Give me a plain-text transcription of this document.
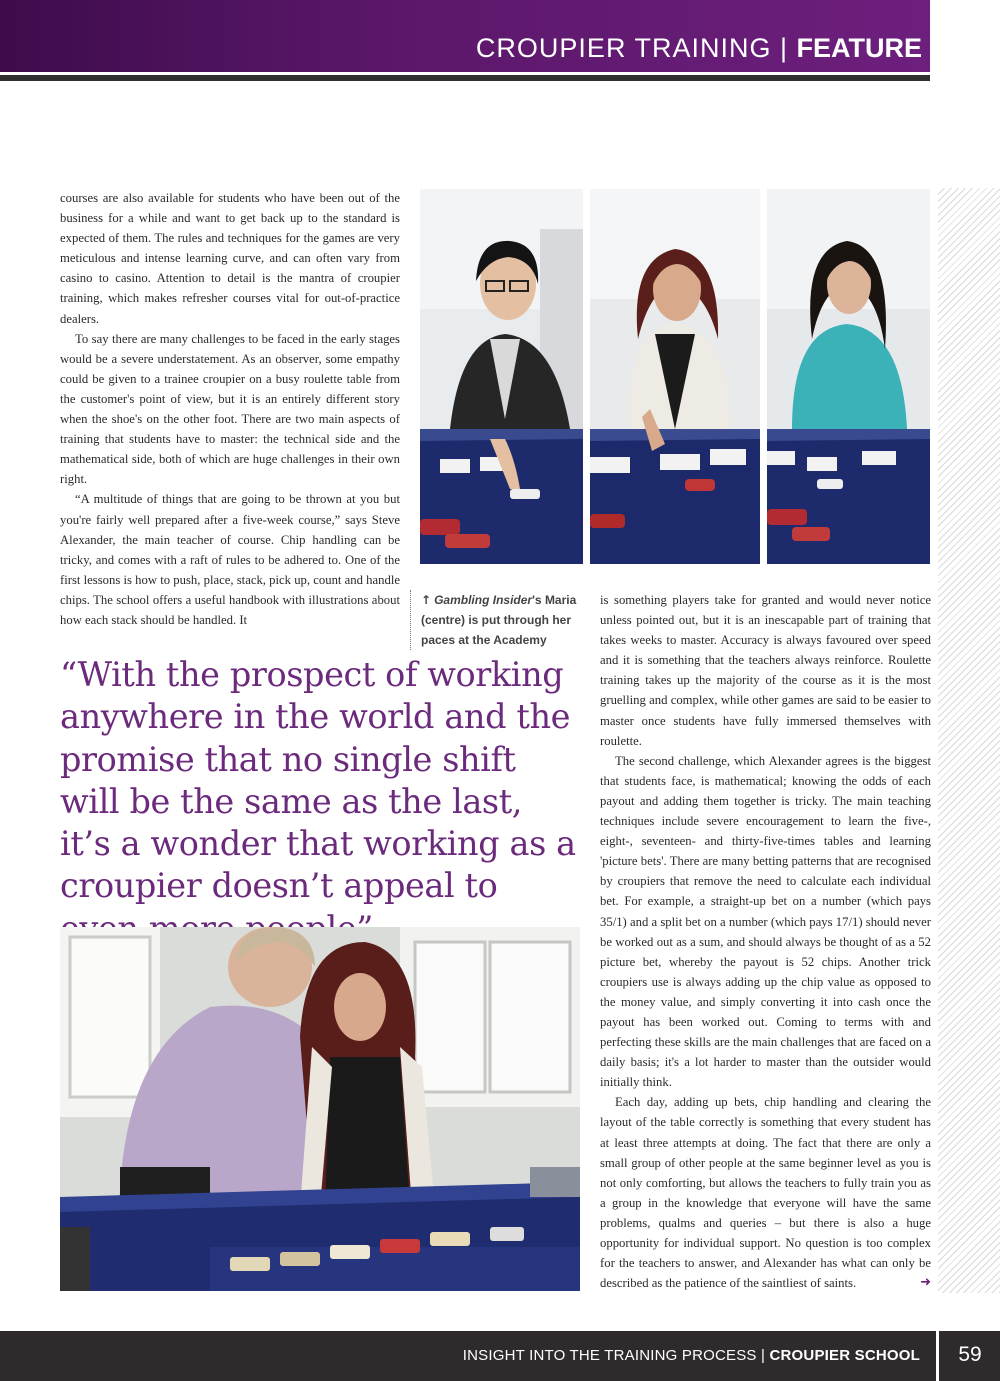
CROUPIER TRAINING | FEATURE

courses are also available for students who have been out of the business for a while and want to get back up to the standard is expected of them. The rules and techniques for the games are very meticulous and intense learning curve, and can often vary from casino to casino. Attention to detail is the mantra of croupier training, which makes refresher courses vital for out-of-practice dealers.

To say there are many challenges to be faced in the early stages would be a severe understatement. As an observer, some empathy could be given to a trainee croupier on a busy roulette table from the customer's point of view, but it is an entirely different story when the shoe's on the other foot. There are two main aspects of training that students have to master: the technical side and the mathematical side, both of which are huge challenges in their own right.

“A multitude of things that are going to be thrown at you but you're fairly well prepared after a five-week course,” says Steve Alexander, the main teacher of course. Chip handling can be tricky, and comes with a raft of rules to be adhered to. One of the first lessons is how to push, place, stack, pick up, count and handle chips. The school offers a useful handbook with illustrations about how each stack should be handled. It

↑ Gambling Insider's Maria (centre) is put through her paces at the Academy
“With the prospect of working anywhere in the world and the promise that no single shift will be the same as the last, it’s a wonder that working as a croupier doesn’t appeal to

is something players take for granted and would never notice unless pointed out, but it is an inescapable part of training that takes weeks to master. Accuracy is always favoured over speed and it is something that the teachers always reinforce. Roulette training takes up the majority of the course as it is the most gruelling and complex, while other games are said to be easier to master once students have fully immersed themselves with roulette.

The second challenge, which Alexander agrees is the biggest that students face, is mathematical; knowing the odds of each payout and adding them together is tricky. The main teaching techniques include severe encouragement to learn the five-, eight-, seventeen- and thirty-five-times tables and learning 'picture bets'. There are many betting patterns that are recognised by croupiers that remove the need to calculate each individual bet. For example, a straight-up bet on a number (which pays 35/1) and a split bet on a number (which pays 17/1) should never be worked out as a sum, and should always be thought of as a 52 picture bet, whereby the payout is 52 chips. Another trick croupiers use is always adding up the chip value as opposed to the money value, and simply converting it into cash once the payout has been worked out. Coming to terms with and perfecting these skills are the main challenges that are faced on a daily basis; it's a lot harder to master than the outsider would initially think.

Each day, adding up bets, chip handling and clearing the layout of the table correctly is something that every student has at least three attempts at doing. The fact that there are only a small group of other people at the same beginner level as you is not only comforting, but allows the teachers to fully train you as a group in the knowledge that everyone will have the same problems, qualms and queries – but there is also a huge opportunity for individual support. No question is too complex for the teachers to answer, and Alexander has what can only be described as the patience of the saintliest of saints.	➜

INSIGHT INTO THE TRAINING PROCESS | CROUPIER SCHOOL	59
